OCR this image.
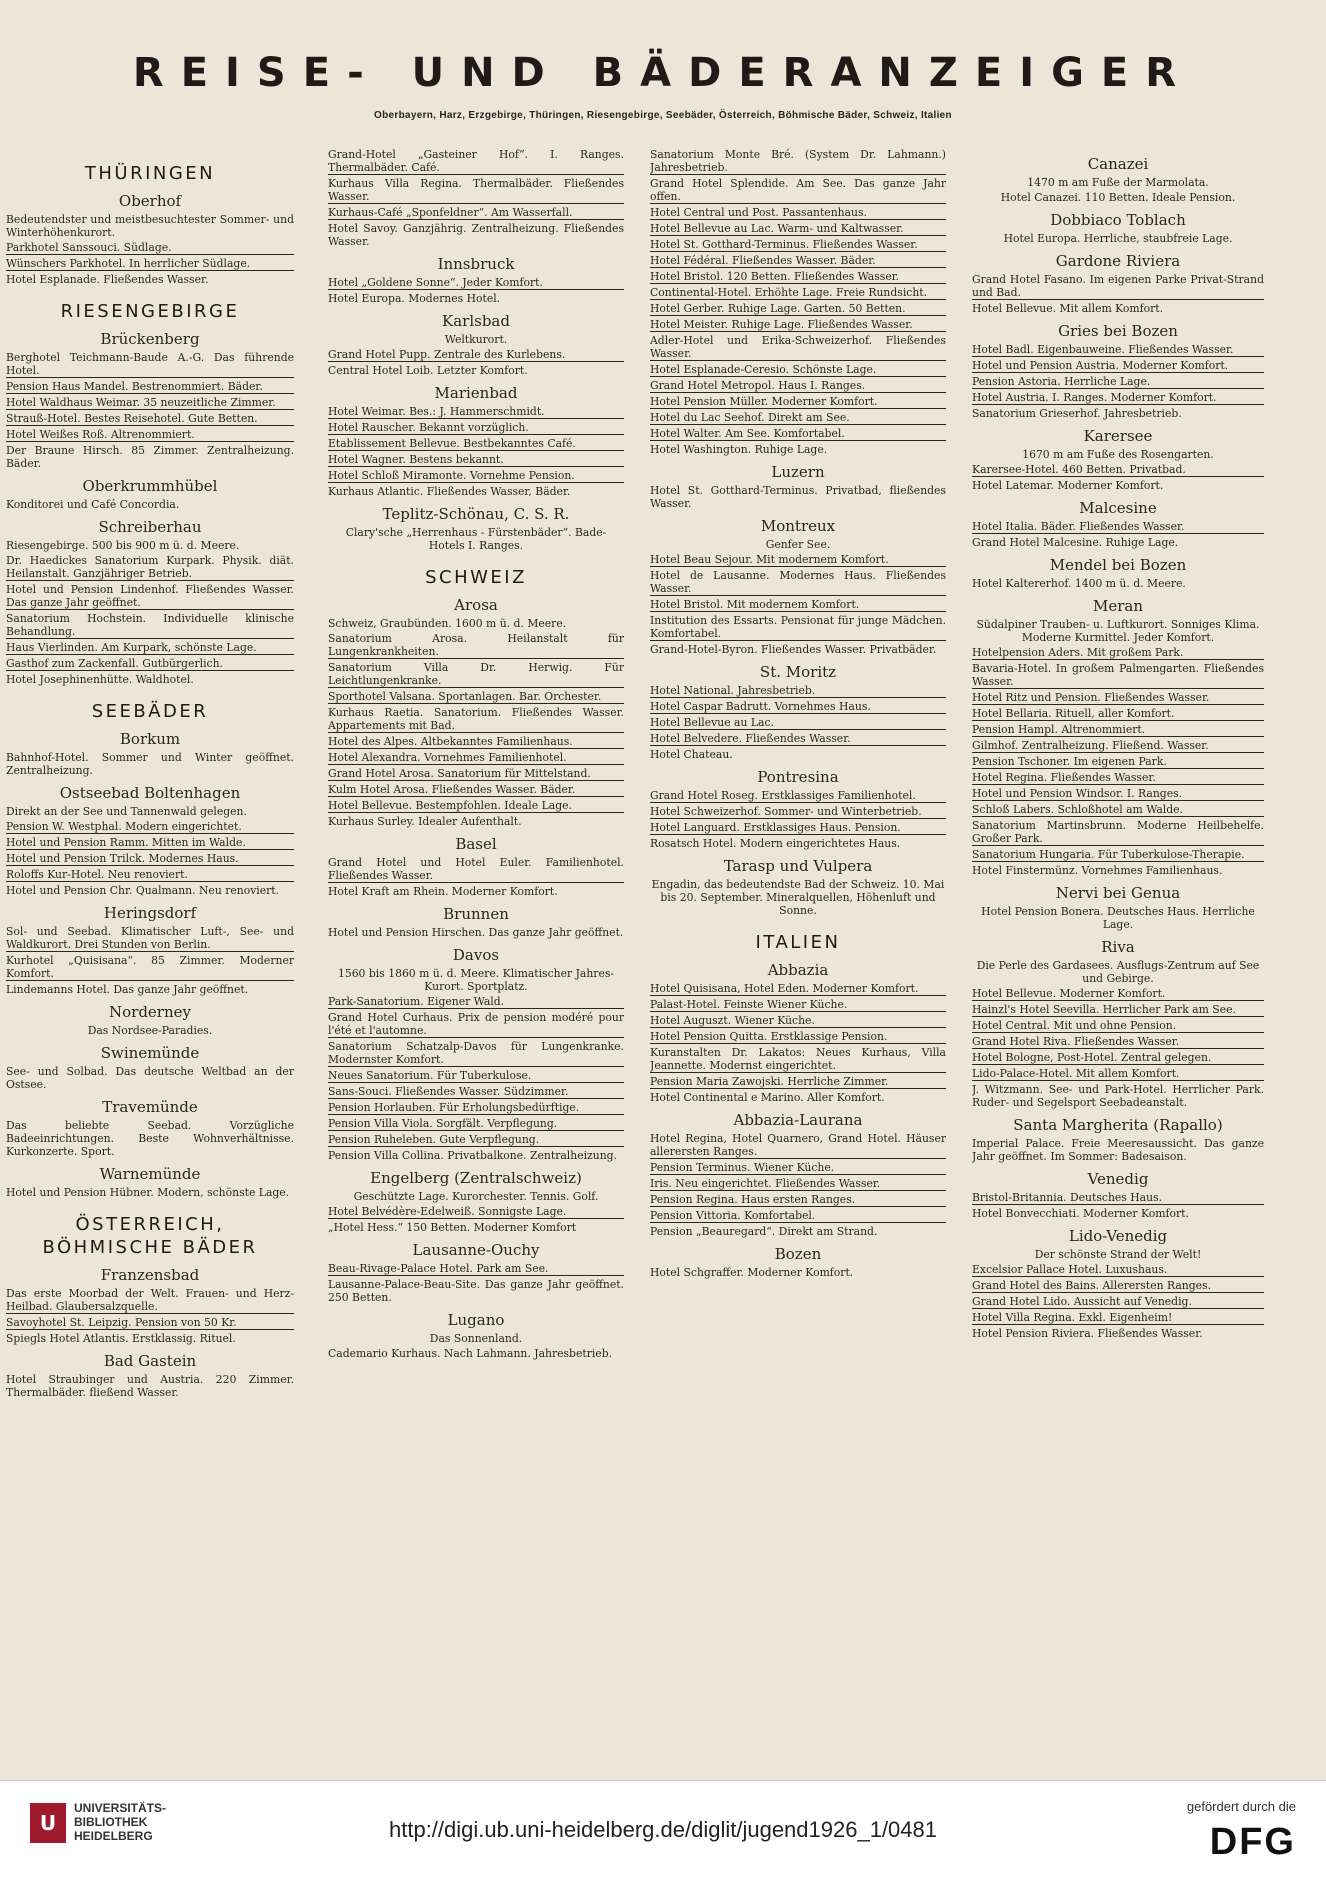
REISE- UND BÄDERANZEIGER
Oberbayern, Harz, Erzgebirge, Thüringen, Riesengebirge, Seebäder, Österreich, Böhmische Bäder, Schweiz, Italien
THÜRINGEN
Oberhof
Bedeutendster und meistbesuchtester Sommer- und Winterhöhenkurort.
Parkhotel Sanssouci. Südlage.
Wünschers Parkhotel. In herrlicher Südlage.
Hotel Esplanade. Fließendes Wasser.
RIESENGEBIRGE
Brückenberg
Berghotel Teichmann-Baude A.-G. Das führende Hotel.
Pension Haus Mandel. Bestrenommiert. Bäder.
Hotel Waldhaus Weimar. 35 neuzeitliche Zimmer.
Strauß-Hotel. Bestes Reisehotel. Gute Betten.
Hotel Weißes Roß. Altrenommiert.
Der Braune Hirsch. 85 Zimmer. Zentralheizung. Bäder.
Oberkrummhübel
Konditorei und Café Concordia.
Schreiberhau
Riesengebirge. 500 bis 900 m ü. d. Meere.
Dr. Haedickes Sanatorium Kurpark. Physik. diät. Heilanstalt. Ganzjähriger Betrieb.
Hotel und Pension Lindenhof. Fließendes Wasser. Das ganze Jahr geöffnet.
Sanatorium Hochstein. Individuelle klinische Behandlung.
Haus Vierlinden. Am Kurpark, schönste Lage.
Gasthof zum Zackenfall. Gutbürgerlich.
Hotel Josephinenhütte. Waldhotel.
SEEBÄDER
Borkum
Bahnhof-Hotel. Sommer und Winter geöffnet. Zentralheizung.
Ostseebad Boltenhagen
Direkt an der See und Tannenwald gelegen.
Pension W. Westphal. Modern eingerichtet.
Hotel und Pension Ramm. Mitten im Walde.
Hotel und Pension Trilck. Modernes Haus.
Roloffs Kur-Hotel. Neu renoviert.
Hotel und Pension Chr. Qualmann. Neu renoviert.
Heringsdorf
Sol- und Seebad. Klimatischer Luft-, See- und Waldkurort. Drei Stunden von Berlin.
Kurhotel „Quisisana“. 85 Zimmer. Moderner Komfort.
Lindemanns Hotel. Das ganze Jahr geöffnet.
Norderney
Das Nordsee-Paradies.
Swinemünde
See- und Solbad. Das deutsche Weltbad an der Ostsee.
Travemünde
Das beliebte Seebad. Vorzügliche Badeeinrichtungen. Beste Wohnverhältnisse. Kurkonzerte. Sport.
Warnemünde
Hotel und Pension Hübner. Modern, schönste Lage.
ÖSTERREICH, BÖHMISCHE BÄDER
Franzensbad
Das erste Moorbad der Welt. Frauen- und Herz-Heilbad. Glaubersalzquelle.
Savoyhotel St. Leipzig. Pension von 50 Kr.
Spiegls Hotel Atlantis. Erstklassig. Rituel.
Bad Gastein
Hotel Straubinger und Austria. 220 Zimmer. Thermalbäder. fließend Wasser.
Grand-Hotel „Gasteiner Hof“. I. Ranges. Thermalbäder. Café.
Kurhaus Villa Regina. Thermalbäder. Fließendes Wasser.
Kurhaus-Café „Sponfeldner“. Am Wasserfall.
Hotel Savoy. Ganzjährig. Zentralheizung. Fließendes Wasser.
Innsbruck
Hotel „Goldene Sonne“. Jeder Komfort.
Hotel Europa. Modernes Hotel.
Karlsbad
Weltkurort.
Grand Hotel Pupp. Zentrale des Kurlebens.
Central Hotel Loib. Letzter Komfort.
Marienbad
Hotel Weimar. Bes.: J. Hammerschmidt.
Hotel Rauscher. Bekannt vorzüglich.
Etablissement Bellevue. Bestbekanntes Café.
Hotel Wagner. Bestens bekannt.
Hotel Schloß Miramonte. Vornehme Pension.
Kurhaus Atlantic. Fließendes Wasser, Bäder.
Teplitz-Schönau, C. S. R.
Clary'sche „Herrenhaus - Fürstenbäder“. Bade-Hotels I. Ranges.
SCHWEIZ
Arosa
Schweiz, Graubünden. 1600 m ü. d. Meere.
Sanatorium Arosa. Heilanstalt für Lungenkrankheiten.
Sanatorium Villa Dr. Herwig. Für Leichtlungenkranke.
Sporthotel Valsana. Sportanlagen. Bar. Orchester.
Kurhaus Raetia. Sanatorium. Fließendes Wasser. Appartements mit Bad.
Hotel des Alpes. Altbekanntes Familienhaus.
Hotel Alexandra. Vornehmes Familienhotel.
Grand Hotel Arosa. Sanatorium für Mittelstand.
Kulm Hotel Arosa. Fließendes Wasser. Bäder.
Hotel Bellevue. Bestempfohlen. Ideale Lage.
Kurhaus Surley. Idealer Aufenthalt.
Basel
Grand Hotel und Hotel Euler. Familienhotel. Fließendes Wasser.
Hotel Kraft am Rhein. Moderner Komfort.
Brunnen
Hotel und Pension Hirschen. Das ganze Jahr geöffnet.
Davos
1560 bis 1860 m ü. d. Meere. Klimatischer Jahres-Kurort. Sportplatz.
Park-Sanatorium. Eigener Wald.
Grand Hotel Curhaus. Prix de pension modéré pour l'été et l'automne.
Sanatorium Schatzalp-Davos für Lungenkranke. Modernster Komfort.
Neues Sanatorium. Für Tuberkulose.
Sans-Souci. Fließendes Wasser. Südzimmer.
Pension Horlauben. Für Erholungsbedürftige.
Pension Villa Viola. Sorgfält. Verpflegung.
Pension Ruheleben. Gute Verpflegung.
Pension Villa Collina. Privatbalkone. Zentralheizung.
Engelberg (Zentralschweiz)
Geschützte Lage. Kurorchester. Tennis. Golf.
Hotel Belvédère-Edelweiß. Sonnigste Lage.
„Hotel Hess.“ 150 Betten. Moderner Komfort
Lausanne-Ouchy
Beau-Rivage-Palace Hotel. Park am See.
Lausanne-Palace-Beau-Site. Das ganze Jahr geöffnet. 250 Betten.
Lugano
Das Sonnenland.
Cademario Kurhaus. Nach Lahmann. Jahresbetrieb.
Sanatorium Monte Bré. (System Dr. Lahmann.) Jahresbetrieb.
Grand Hotel Splendide. Am See. Das ganze Jahr offen.
Hotel Central und Post. Passantenhaus.
Hotel Bellevue au Lac. Warm- und Kaltwasser.
Hotel St. Gotthard-Terminus. Fließendes Wasser.
Hotel Fédéral. Fließendes Wasser. Bäder.
Hotel Bristol. 120 Betten. Fließendes Wasser.
Continental-Hotel. Erhöhte Lage. Freie Rundsicht.
Hotel Gerber. Ruhige Lage. Garten. 50 Betten.
Hotel Meister. Ruhige Lage. Fließendes Wasser.
Adler-Hotel und Erika-Schweizerhof. Fließendes Wasser.
Hotel Esplanade-Ceresio. Schönste Lage.
Grand Hotel Metropol. Haus I. Ranges.
Hotel Pension Müller. Moderner Komfort.
Hotel du Lac Seehof. Direkt am See.
Hotel Walter. Am See. Komfortabel.
Hotel Washington. Ruhige Lage.
Luzern
Hotel St. Gotthard-Terminus. Privatbad, fließendes Wasser.
Montreux
Genfer See.
Hotel Beau Sejour. Mit modernem Komfort.
Hotel de Lausanne. Modernes Haus. Fließendes Wasser.
Hotel Bristol. Mit modernem Komfort.
Institution des Essarts. Pensionat für junge Mädchen. Komfortabel.
Grand-Hotel-Byron. Fließendes Wasser. Privatbäder.
St. Moritz
Hotel National. Jahresbetrieb.
Hotel Caspar Badrutt. Vornehmes Haus.
Hotel Bellevue au Lac.
Hotel Belvedere. Fließendes Wasser.
Hotel Chateau.
Pontresina
Grand Hotel Roseg. Erstklassiges Familienhotel.
Hotel Schweizerhof. Sommer- und Winterbetrieb.
Hotel Languard. Erstklassiges Haus. Pension.
Rosatsch Hotel. Modern eingerichtetes Haus.
Tarasp und Vulpera
Engadin, das bedeutendste Bad der Schweiz. 10. Mai bis 20. September. Mineralquellen, Höhenluft und Sonne.
ITALIEN
Abbazia
Hotel Quisisana, Hotel Eden. Moderner Komfort.
Palast-Hotel. Feinste Wiener Küche.
Hotel Auguszt. Wiener Küche.
Hotel Pension Quitta. Erstklassige Pension.
Kuranstalten Dr. Lakatos: Neues Kurhaus, Villa Jeannette. Modernst eingerichtet.
Pension Maria Zawojski. Herrliche Zimmer.
Hotel Continental e Marino. Aller Komfort.
Abbazia-Laurana
Hotel Regina, Hotel Quarnero, Grand Hotel. Häuser allerersten Ranges.
Pension Terminus. Wiener Küche.
Iris. Neu eingerichtet. Fließendes Wasser.
Pension Regina. Haus ersten Ranges.
Pension Vittoria. Komfortabel.
Pension „Beauregard“. Direkt am Strand.
Bozen
Hotel Schgraffer. Moderner Komfort.
Canazei
1470 m am Fuße der Marmolata.
Hotel Canazei. 110 Betten. Ideale Pension.
Dobbiaco Toblach
Hotel Europa. Herrliche, staubfreie Lage.
Gardone Riviera
Grand Hotel Fasano. Im eigenen Parke Privat-Strand und Bad.
Hotel Bellevue. Mit allem Komfort.
Gries bei Bozen
Hotel Badl. Eigenbauweine. Fließendes Wasser.
Hotel und Pension Austria. Moderner Komfort.
Pension Astoria. Herrliche Lage.
Hotel Austria. I. Ranges. Moderner Komfort.
Sanatorium Grieserhof. Jahresbetrieb.
Karersee
1670 m am Fuße des Rosengarten.
Karersee-Hotel. 460 Betten. Privatbad.
Hotel Latemar. Moderner Komfort.
Malcesine
Hotel Italia. Bäder. Fließendes Wasser.
Grand Hotel Malcesine. Ruhige Lage.
Mendel bei Bozen
Hotel Kaltererhof. 1400 m ü. d. Meere.
Meran
Südalpiner Trauben- u. Luftkurort. Sonniges Klima. Moderne Kurmittel. Jeder Komfort.
Hotelpension Aders. Mit großem Park.
Bavaria-Hotel. In großem Palmengarten. Fließendes Wasser.
Hotel Ritz und Pension. Fließendes Wasser.
Hotel Bellaria. Rituell, aller Komfort.
Pension Hampl. Altrenommiert.
Gilmhof. Zentralheizung. Fließend. Wasser.
Pension Tschoner. Im eigenen Park.
Hotel Regina. Fließendes Wasser.
Hotel und Pension Windsor. I. Ranges.
Schloß Labers. Schloßhotel am Walde.
Sanatorium Martinsbrunn. Moderne Heilbehelfe. Großer Park.
Sanatorium Hungaria. Für Tuberkulose-Therapie.
Hotel Finstermünz. Vornehmes Familienhaus.
Nervi bei Genua
Hotel Pension Bonera. Deutsches Haus. Herrliche Lage.
Riva
Die Perle des Gardasees. Ausflugs-Zentrum auf See und Gebirge.
Hotel Bellevue. Moderner Komfort.
Hainzl's Hotel Seevilla. Herrlicher Park am See.
Hotel Central. Mit und ohne Pension.
Grand Hotel Riva. Fließendes Wasser.
Hotel Bologne, Post-Hotel. Zentral gelegen.
Lido-Palace-Hotel. Mit allem Komfort.
J. Witzmann. See- und Park-Hotel. Herrlicher Park. Ruder- und Segelsport Seebadeanstalt.
Santa Margherita (Rapallo)
Imperial Palace. Freie Meeresaussicht. Das ganze Jahr geöffnet. Im Sommer: Badesaison.
Venedig
Bristol-Britannia. Deutsches Haus.
Hotel Bonvecchiati. Moderner Komfort.
Lido-Venedig
Der schönste Strand der Welt!
Excelsior Pallace Hotel. Luxushaus.
Grand Hotel des Bains. Allerersten Ranges.
Grand Hotel Lido. Aussicht auf Venedig.
Hotel Villa Regina. Exkl. Eigenheim!
Hotel Pension Riviera. Fließendes Wasser.
U
UNIVERSITÄTS-
BIBLIOTHEK
HEIDELBERG	http://digi.ub.uni-heidelberg.de/diglit/jugend1926_1/0481
gefördert durch die
DFG
